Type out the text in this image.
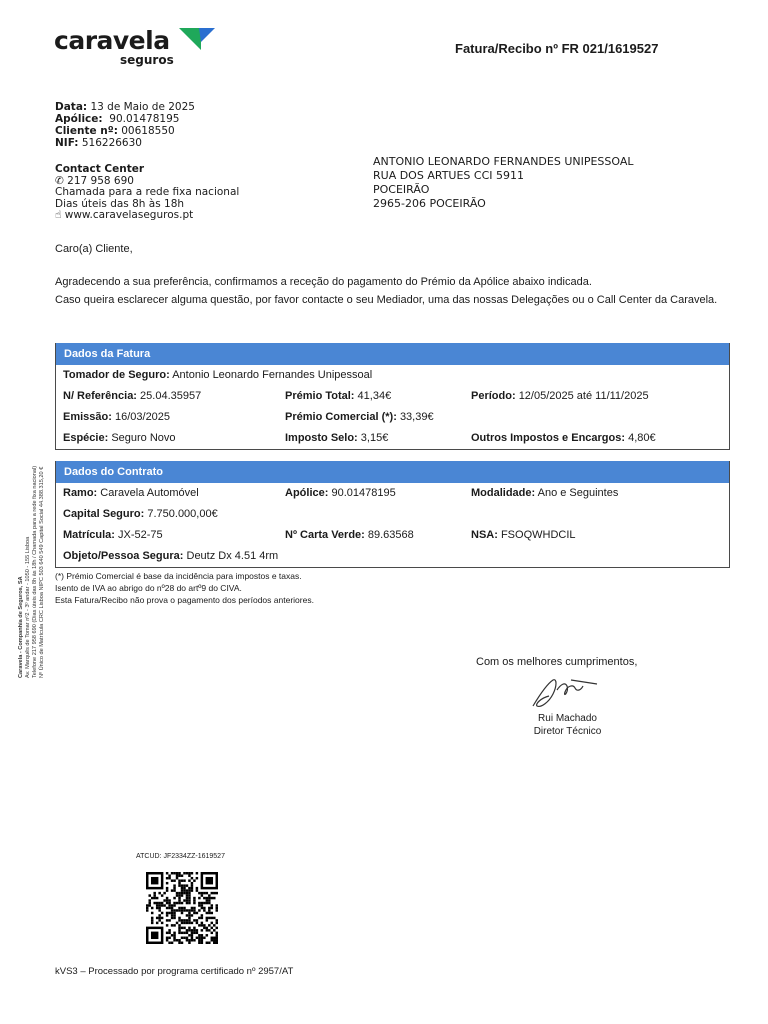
caravela
seguros
Fatura/Recibo nº FR 021/1619527
Data: 13 de Maio de 2025
Apólice: 90.01478195
Cliente nº: 00618550
NIF: 516226630
Contact Center
✆ 217 958 690
Chamada para a rede fixa nacional
Dias úteis das 8h às 18h
☝ www.caravelaseguros.pt
ANTONIO LEONARDO FERNANDES UNIPESSOAL
RUA DOS ARTUES CCI 5911
POCEIRÃO
2965-206 POCEIRÃO
Caro(a) Cliente,
Agradecendo a sua preferência, confirmamos a receção do pagamento do Prémio da Apólice abaixo indicada.
Caso queira esclarecer alguma questão, por favor contacte o seu Mediador, uma das nossas Delegações ou o Call Center da Caravela.
Dados da Fatura
Tomador de Seguro: Antonio Leonardo Fernandes Unipessoal
N/ Referência: 25.04.35957	Prémio Total: 41,34€	Período: 12/05/2025 até 11/11/2025
Emissão: 16/03/2025	Prémio Comercial (*): 33,39€
Espécie: Seguro Novo	Imposto Selo: 3,15€	Outros Impostos e Encargos: 4,80€
Dados do Contrato
Ramo: Caravela Automóvel	Apólice: 90.01478195	Modalidade: Ano e Seguintes
Capital Seguro: 7.750.000,00€
Matrícula: JX-52-75	Nº Carta Verde: 89.63568	NSA: FSOQWHDCIL
Objeto/Pessoa Segura: Deutz Dx 4.51 4rm
(*) Prémio Comercial é base da incidência para impostos e taxas.
Isento de IVA ao abrigo do nº28 do artº9 do CIVA.
Esta Fatura/Recibo não prova o pagamento dos períodos anteriores.
Caravela - Companhia de Seguros, SA Av. Marquês de Tomar nº2 - 3º andar - 1050 - 155 Lisboa Telefone 217 958 690 (Dias úteis das 8h às 18h / Chamada para a rede fixa nacional) Nº Único de Matrícula CRC Lisboa NIPC 503 640 549 Capital Social 44.388.315,20 €	Com os melhores cumprimentos,
Rui Machado
Diretor Técnico
ATCUD: JF2334ZZ-1619527
kVS3 – Processado por programa certificado nº 2957/AT
